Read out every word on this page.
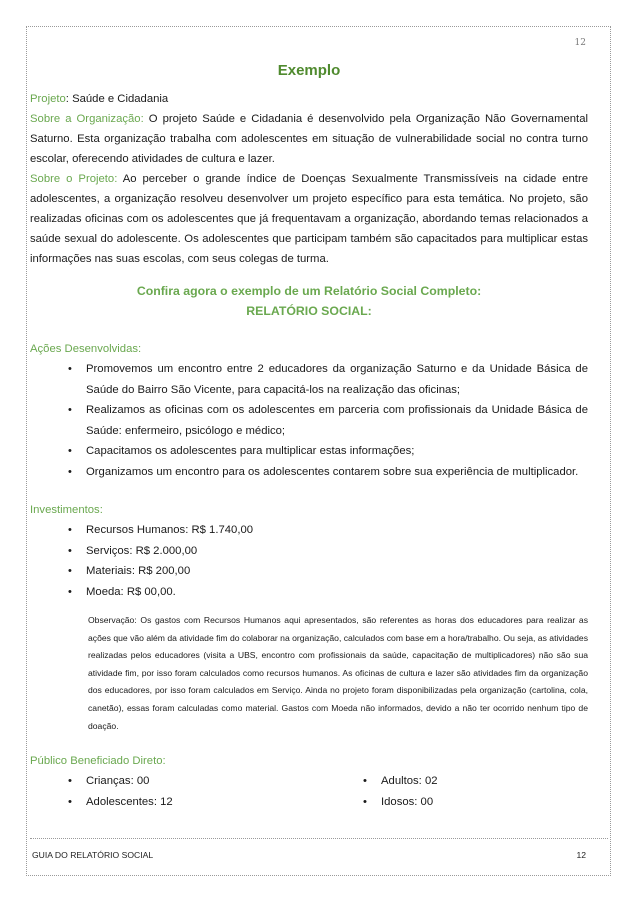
12
Exemplo

Projeto: Saúde e Cidadania

Sobre a Organização: O projeto Saúde e Cidadania é desenvolvido pela Organização Não Governamental Saturno. Esta organização trabalha com adolescentes em situação de vulnerabilidade social no contra turno escolar, oferecendo atividades de cultura e lazer.

Sobre o Projeto: Ao perceber o grande índice de Doenças Sexualmente Transmissíveis na cidade entre adolescentes, a organização resolveu desenvolver um projeto específico para esta temática. No projeto, são realizadas oficinas com os adolescentes que já frequentavam a organização, abordando temas relacionados a saúde sexual do adolescente. Os adolescentes que participam também são capacitados para multiplicar estas informações nas suas escolas, com seus colegas de turma.

Confira agora o exemplo de um Relatório Social Completo:
RELATÓRIO SOCIAL:
Ações Desenvolvidas:
• Promovemos um encontro entre 2 educadores da organização Saturno e da Unidade Básica de Saúde do Bairro São Vicente, para capacitá-los na realização das oficinas;
• Realizamos as oficinas com os adolescentes em parceria com profissionais da Unidade Básica de Saúde: enfermeiro, psicólogo e médico;
• Capacitamos os adolescentes para multiplicar estas informações;
• Organizamos um encontro para os adolescentes contarem sobre sua experiência de multiplicador.
Investimentos:
• Recursos Humanos: R$ 1.740,00
• Serviços: R$ 2.000,00
• Materiais: R$ 200,00
• Moeda: R$ 00,00.

Observação: Os gastos com Recursos Humanos aqui apresentados, são referentes as horas dos educadores para realizar as ações que vão além da atividade fim do colaborar na organização, calculados com base em a hora/trabalho. Ou seja, as atividades realizadas pelos educadores (visita a UBS, encontro com profissionais da saúde, capacitação de multiplicadores) não são sua atividade fim, por isso foram calculados como recursos humanos. As oficinas de cultura e lazer são atividades fim da organização dos educadores, por isso foram calculados em Serviço. Ainda no projeto foram disponibilizadas pela organização (cartolina, cola, canetão), essas foram calculadas como material. Gastos com Moeda não informados, devido a não ter ocorrido nenhum tipo de doação.

Público Beneficiado Direto:
• Crianças: 00
• Adolescentes: 12
• Adultos: 02
• Idosos: 00
GUIA DO RELATÓRIO SOCIAL	12
